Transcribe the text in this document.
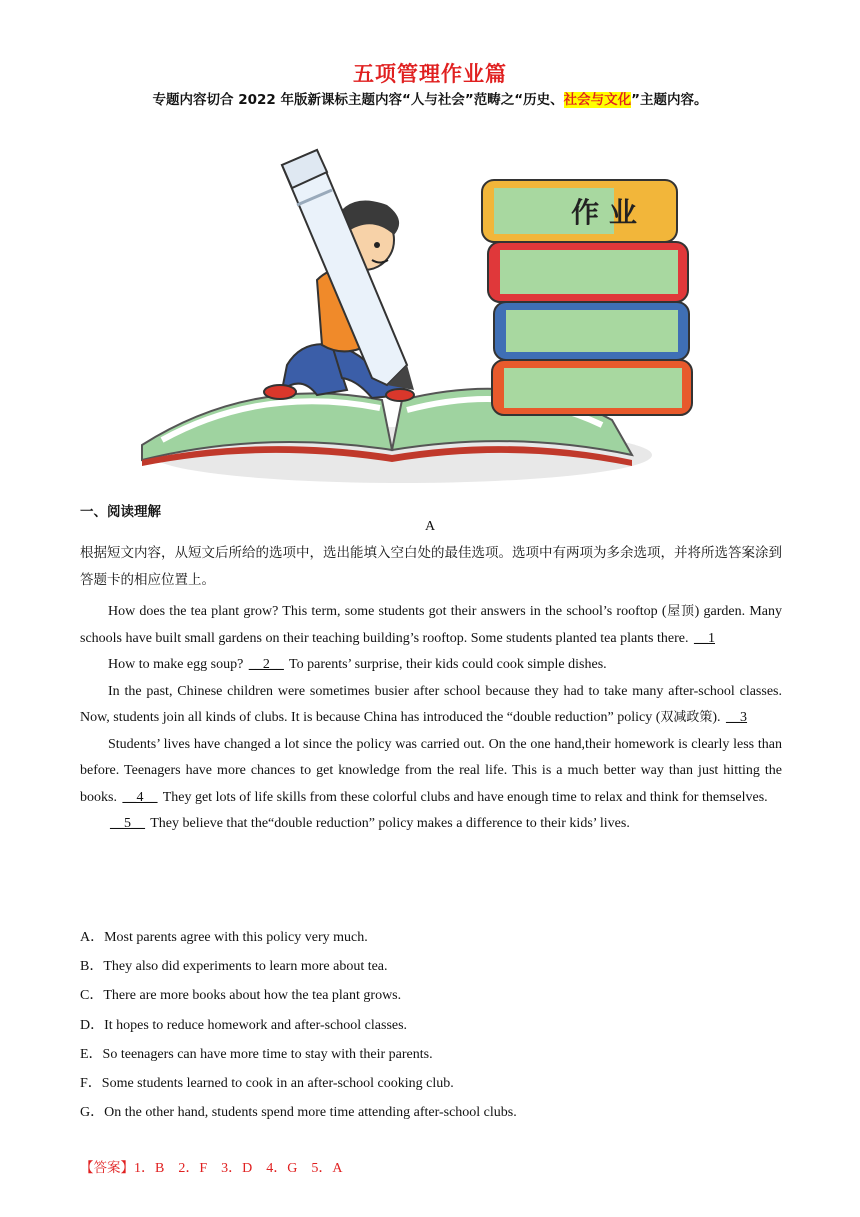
五项管理作业篇
专题内容切合 2022 年版新课标主题内容“人与社会”范畴之“历史、社会与文化”主题内容。
作 业
一、阅读理解
A
根据短文内容，从短文后所给的选项中，选出能填入空白处的最佳选项。选项中有两项为多余选项，并将所选答案涂到答题卡的相应位置上。

How does the tea plant grow? This term, some students got their answers in the school’s rooftop (屋顶) garden. Many schools have built small gardens on their teaching building’s rooftop. Some students planted tea plants there. __1

How to make egg soup? __2__ To parents’ surprise, their kids could cook simple dishes.

In the past, Chinese children were sometimes busier after school because they had to take many after-school classes. Now, students join all kinds of clubs. It is because China has introduced the “double reduction” policy (双减政策). __3

Students’ lives have changed a lot since the policy was carried out. On the one hand,their homework is clearly less than before. Teenagers have more chances to get knowledge from the real life. This is a much better way than just hitting the books. __4__ They get lots of life skills from these colorful clubs and have enough time to relax and think for themselves.

__5__ They believe that the“double reduction” policy makes a difference to their kids’ lives.

A．Most parents agree with this policy very much.
B．They also did experiments to learn more about tea.
C．There are more books about how the tea plant grows.
D．It hopes to reduce homework and after-school classes.
E．So teenagers can have more time to stay with their parents.
F．Some students learned to cook in an after-school cooking club.
G．On the other hand, students spend more time attending after-school clubs.
【答案】1．B　2．F　3．D　4．G　5．A
